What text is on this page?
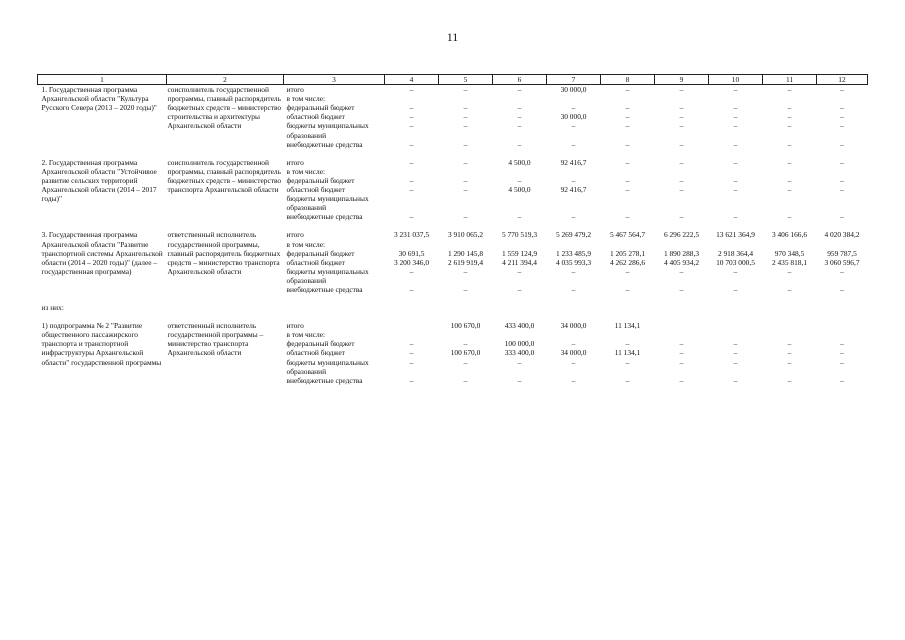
11
1	2	3	4	5	6	7	8	9	10	11	12
1. Государственная программа Архангельской области "Культура Русского Севера (2013 – 2020 годы)"	соисполнитель государственной программы, главный распорядитель бюджетных средств – министерство строительства и архитектуры Архангельской области	итого	–	–	–	30 000,0	–	–	–	–	–
		в том числе:									
		федеральный бюджет	–	–	–	–	–	–	–	–	–
		областной бюджет	–	–	–	30 000,0	–	–	–	–	–
		бюджеты муниципальных образований	–	–	–	–	–	–	–	–	–
		внебюджетные средства	–	–	–	–	–	–	–	–	–

2. Государственная программа Архангельской области "Устойчивое развитие сельских территорий Архангельской области (2014 – 2017 годы)"	соисполнитель государственной программы, главный распорядитель бюджетных средств – министерство транспорта Архангельской области	итого	–	–	4 500,0	92 416,7	–	–	–	–	–
		в том числе:									
		федеральный бюджет	–	–	–	–	–	–	–	–	–
		областной бюджет	–	–	4 500,0	92 416,7	–	–	–	–	–
		бюджеты муниципальных образований									
		внебюджетные средства	–	–	–	–	–	–	–	–	–

3. Государственная программа Архангельской области "Развитие транспортной системы Архангельской области (2014 – 2020 годы)" (далее – государственная программа)	ответственный исполнитель государственной программы, главный распорядитель бюджетных средств – министерство транспорта Архангельской области	итого	3 231 037,5	3 910 065,2	5 770 519,3	5 269 479,2	5 467 564,7	6 296 222,5	13 621 364,9	3 406 166,6	4 020 384,2
		в том числе:									
		федеральный бюджет	30 691,5	1 290 145,8	1 559 124,9	1 233 485,9	1 205 278,1	1 890 288,3	2 918 364,4	970 348,5	959 787,5
		областной бюджет	3 200 346,0	2 619 919,4	4 211 394,4	4 035 993,3	4 262 286,6	4 405 934,2	10 703 000,5	2 435 818,1	3 060 596,7
		бюджеты муниципальных образований	–	–	–	–	–	–	–	–	–
		внебюджетные средства	–	–	–	–	–	–	–	–	–

из них:											

1) подпрограмма № 2 "Развитие общественного пассажирского транспорта и транспортной инфраструктуры Архангельской области" государственной программы	ответственный исполнитель государственной программы – министерство транспорта Архангельской области	итого		100 670,0	433 400,0	34 000,0	11 134,1				
		в том числе:									
		федеральный бюджет	–	–	100 000,0	–	–	–	–	–	–
		областной бюджет	–	100 670,0	333 400,0	34 000,0	11 134,1	–	–	–	–
		бюджеты муниципальных образований	–	–	–	–	–	–	–	–	–
		внебюджетные средства	–	–	–	–	–	–	–	–	–
